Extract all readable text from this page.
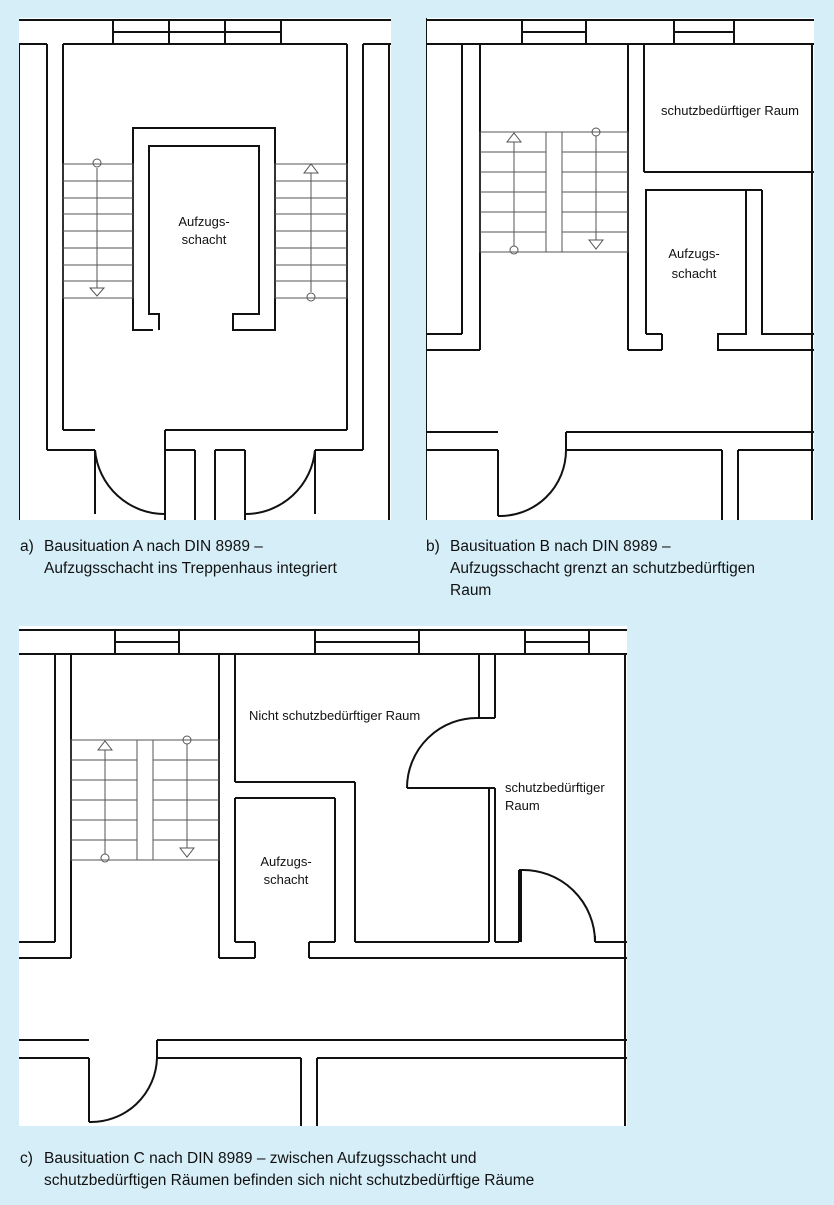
Aufzugs-
schacht
a) Bausituation A nach DIN 8989 –
Aufzugsschacht ins Treppenhaus integriert
schutzbedürftiger Raum
Aufzugs-
schacht
b) Bausituation B nach DIN 8989 –
Aufzugsschacht grenzt an schutzbedürftigen
Raum
Nicht schutzbedürftiger Raum
schutzbedürftiger
Raum
Aufzugs-
schacht
c) Bausituation C nach DIN 8989 – zwischen Aufzugsschacht und
schutzbedürftigen Räumen befinden sich nicht schutzbedürftige Räume
